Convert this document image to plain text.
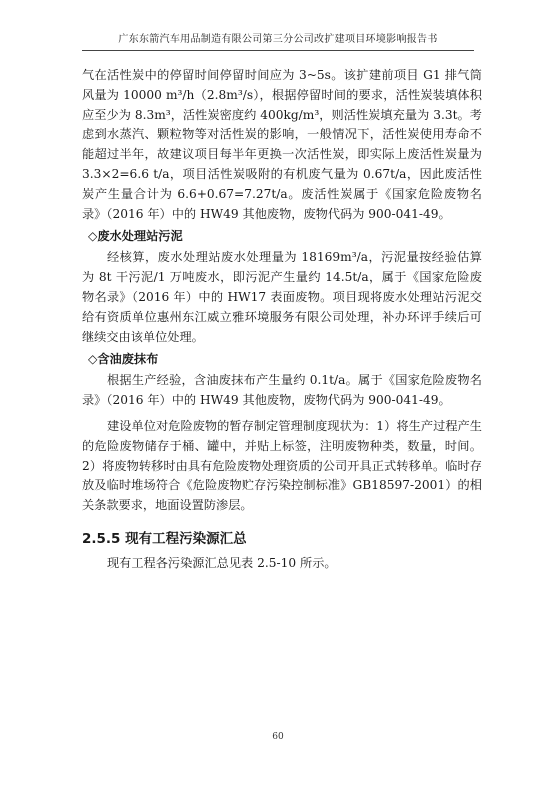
广东东箭汽车用品制造有限公司第三分公司改扩建项目环境影响报告书

气在活性炭中的停留时间停留时间应为 3~5s。该扩建前项目 G1 排气筒风量为 10000 m³/h（2.8m³/s），根据停留时间的要求，活性炭装填体积应至少为 8.3m³，活性炭密度约 400kg/m³，则活性炭填充量为 3.3t。考虑到水蒸汽、颗粒物等对活性炭的影响，一般情况下，活性炭使用寿命不能超过半年，故建议项目每半年更换一次活性炭，即实际上废活性炭量为 3.3×2=6.6 t/a，项目活性炭吸附的有机废气量为 0.67t/a，因此废活性炭产生量合计为 6.6+0.67=7.27t/a。废活性炭属于《国家危险废物名录》（2016 年）中的 HW49 其他废物，废物代码为 900-041-49。

◇废水处理站污泥

经核算，废水处理站废水处理量为 18169m³/a，污泥量按经验估算为 8t 干污泥/1 万吨废水，即污泥产生量约 14.5t/a，属于《国家危险废物名录》（2016 年）中的 HW17 表面废物。项目现将废水处理站污泥交给有资质单位惠州东江威立雅环境服务有限公司处理，补办环评手续后可继续交由该单位处理。

◇含油废抹布

根据生产经验，含油废抹布产生量约 0.1t/a。属于《国家危险废物名录》（2016 年）中的 HW49 其他废物，废物代码为 900-041-49。

建设单位对危险废物的暂存制定管理制度现状为：1）将生产过程产生的危险废物储存于桶、罐中，并贴上标签，注明废物种类，数量，时间。2）将废物转移时由具有危险废物处理资质的公司开具正式转移单。临时存放及临时堆场符合《危险废物贮存污染控制标准》GB18597-2001）的相关条款要求，地面设置防渗层。

2.5.5 现有工程污染源汇总

现有工程各污染源汇总见表 2.5-10 所示。

60
